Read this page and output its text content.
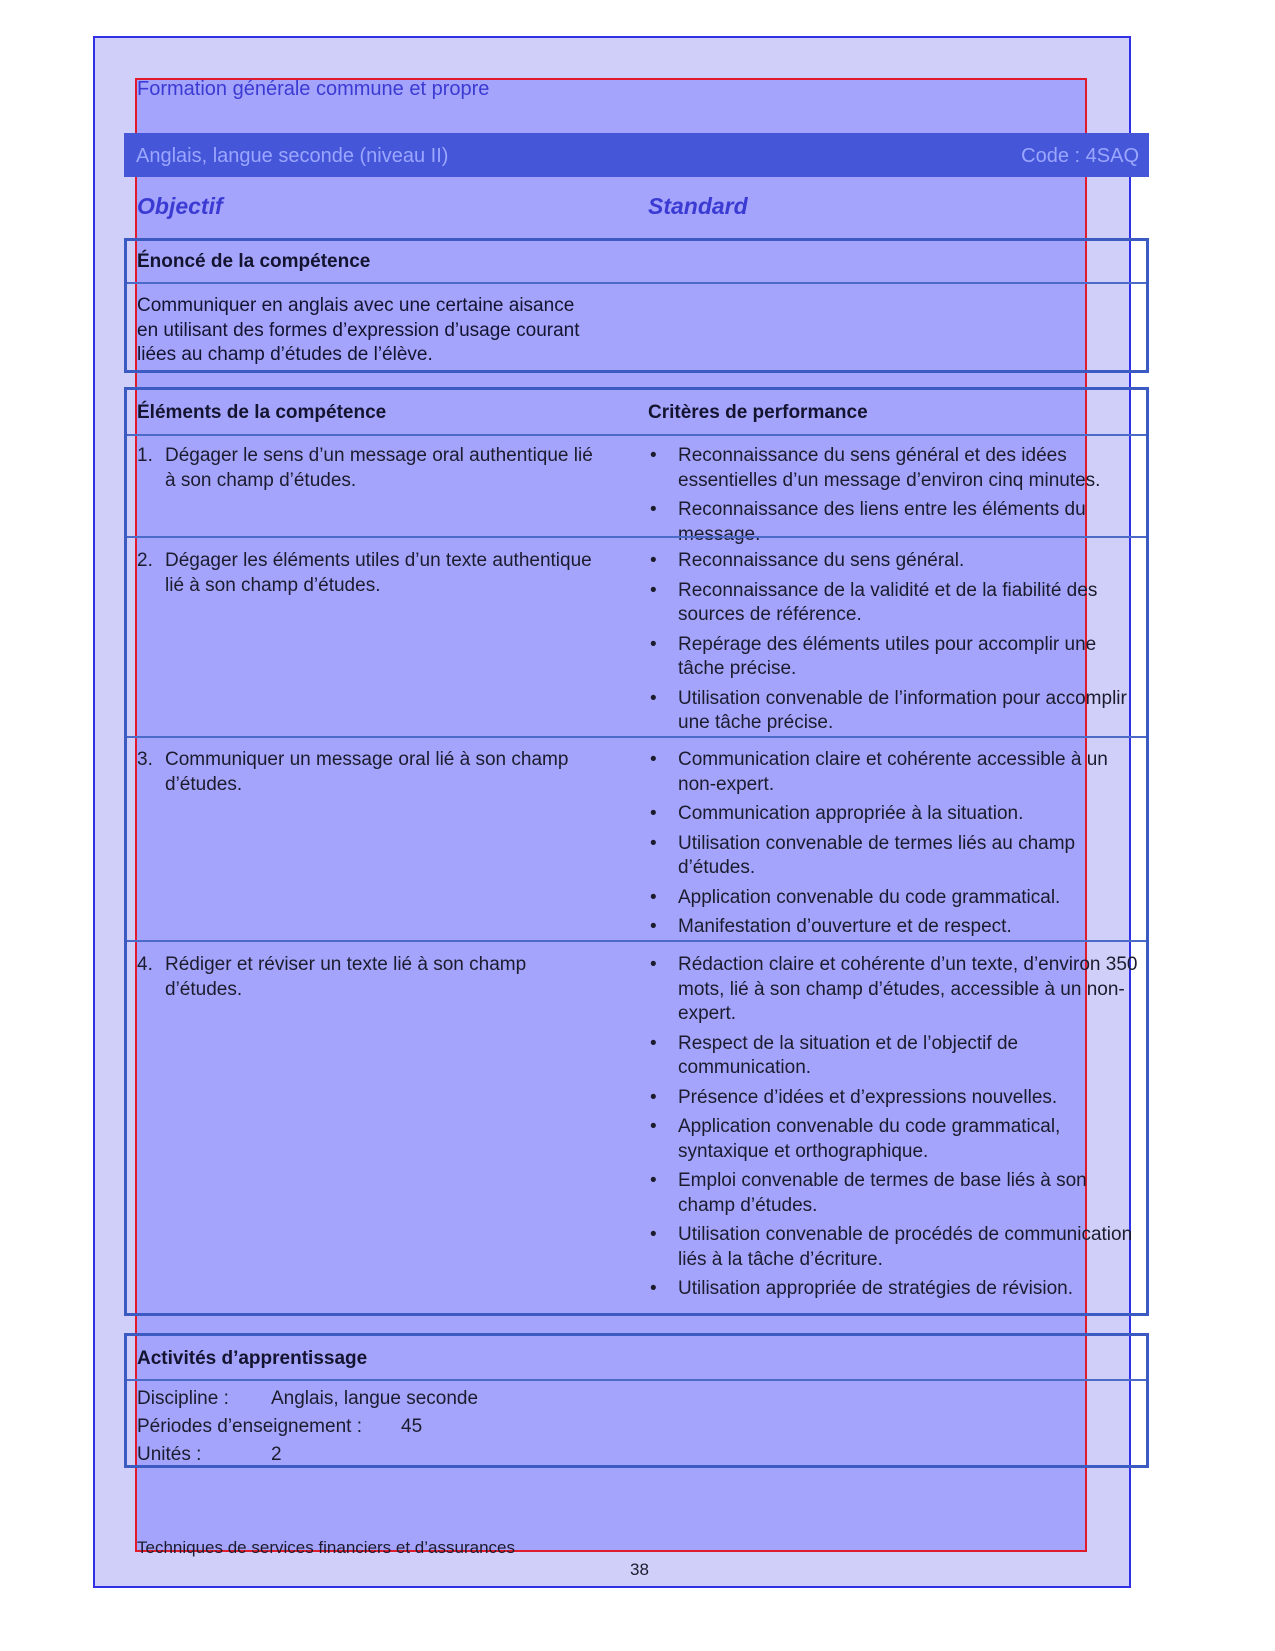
Formation générale commune et propre
Anglais, langue seconde (niveau II)	Code : 4SAQ
Objectif	Standard
Énoncé de la compétence
Communiquer en anglais avec une certaine aisance
en utilisant des formes d’expression d’usage courant
liées au champ d’études de l’élève.
Éléments de la compétence	Critères de performance
1. Dégager le sens d’un message oral authentique lié à son champ d’études.
• Reconnaissance du sens général et des idées essentielles d’un message d’environ cinq minutes.
• Reconnaissance des liens entre les éléments du message.
2. Dégager les éléments utiles d’un texte authentique lié à son champ d’études.
• Reconnaissance du sens général.
• Reconnaissance de la validité et de la fiabilité des sources de référence.
• Repérage des éléments utiles pour accomplir une tâche précise.
• Utilisation convenable de l’information pour accomplir une tâche précise.
3. Communiquer un message oral lié à son champ d’études.
• Communication claire et cohérente accessible à un non-expert.
• Communication appropriée à la situation.
• Utilisation convenable de termes liés au champ d’études.
• Application convenable du code grammatical.
• Manifestation d’ouverture et de respect.
4. Rédiger et réviser un texte lié à son champ d’études.
• Rédaction claire et cohérente d’un texte, d’environ 350 mots, lié à son champ d’études, accessible à un non-expert.
• Respect de la situation et de l’objectif de communication.
• Présence d’idées et d’expressions nouvelles.
• Application convenable du code grammatical, syntaxique et orthographique.
• Emploi convenable de termes de base liés à son champ d’études.
• Utilisation convenable de procédés de communication liés à la tâche d’écriture.
• Utilisation appropriée de stratégies de révision.
Activités d’apprentissage
Discipline : Anglais, langue seconde
Périodes d’enseignement : 45
Unités :	2
Techniques de services financiers et d’assurances
38
